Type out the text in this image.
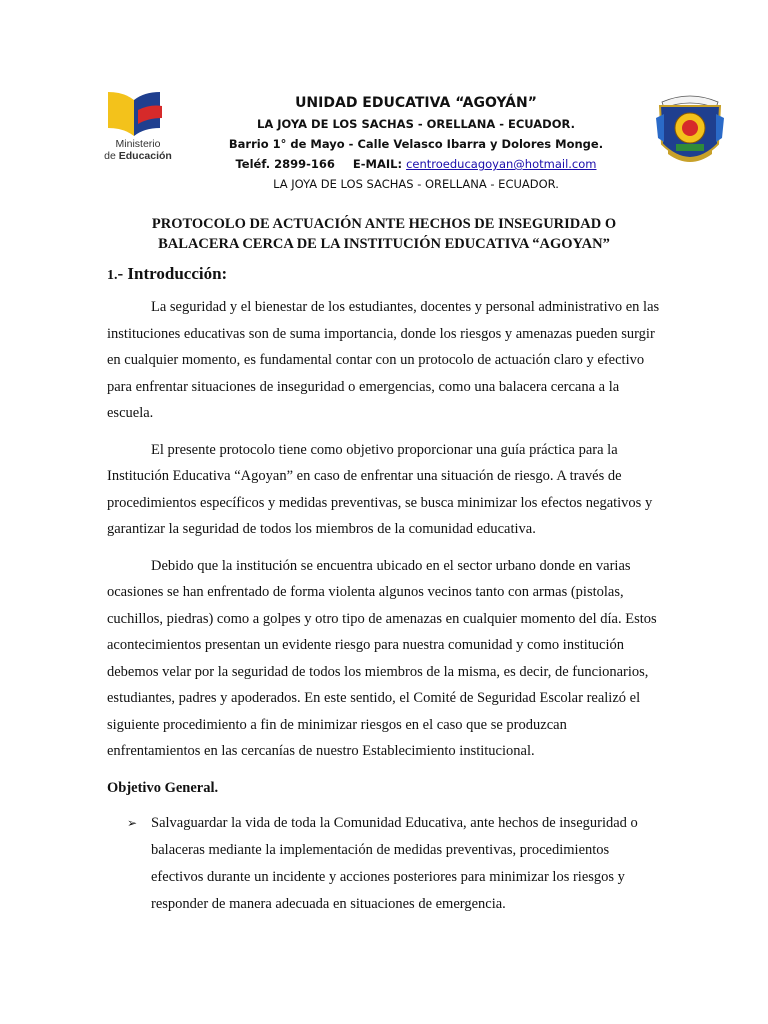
Ministerio
de Educación

UNIDAD EDUCATIVA “AGOYÁN”

LA JOYA DE LOS SACHAS - ORELLANA - ECUADOR.

Barrio 1° de Mayo - Calle Velasco Ibarra y Dolores Monge.

Teléf. 2899-166 E-MAIL: centroeducagoyan@hotmail.com

LA JOYA DE LOS SACHAS - ORELLANA - ECUADOR.

PROTOCOLO DE ACTUACIÓN ANTE HECHOS DE INSEGURIDAD O

BALACERA CERCA DE LA INSTITUCIÓN EDUCATIVA “AGOYAN”

1.- Introducción:

La seguridad y el bienestar de los estudiantes, docentes y personal administrativo en las instituciones educativas son de suma importancia, donde los riesgos y amenazas pueden surgir en cualquier momento, es fundamental contar con un protocolo de actuación claro y efectivo para enfrentar situaciones de inseguridad o emergencias, como una balacera cercana a la escuela.

El presente protocolo tiene como objetivo proporcionar una guía práctica para la Institución Educativa “Agoyan” en caso de enfrentar una situación de riesgo. A través de procedimientos específicos y medidas preventivas, se busca minimizar los efectos negativos y garantizar la seguridad de todos los miembros de la comunidad educativa.

Debido que la institución se encuentra ubicado en el sector urbano donde en varias ocasiones se han enfrentado de forma violenta algunos vecinos tanto con armas (pistolas, cuchillos, piedras) como a golpes y otro tipo de amenazas en cualquier momento del día. Estos acontecimientos presentan un evidente riesgo para nuestra comunidad y como institución debemos velar por la seguridad de todos los miembros de la misma, es decir, de funcionarios, estudiantes, padres y apoderados. En este sentido, el Comité de Seguridad Escolar realizó el siguiente procedimiento a fin de minimizar riesgos en el caso que se produzcan enfrentamientos en las cercanías de nuestro Establecimiento institucional.

Objetivo General.

➢ Salvaguardar la vida de toda la Comunidad Educativa, ante hechos de inseguridad o balaceras mediante la implementación de medidas preventivas, procedimientos efectivos durante un incidente y acciones posteriores para minimizar los riesgos y responder de manera adecuada en situaciones de emergencia.
